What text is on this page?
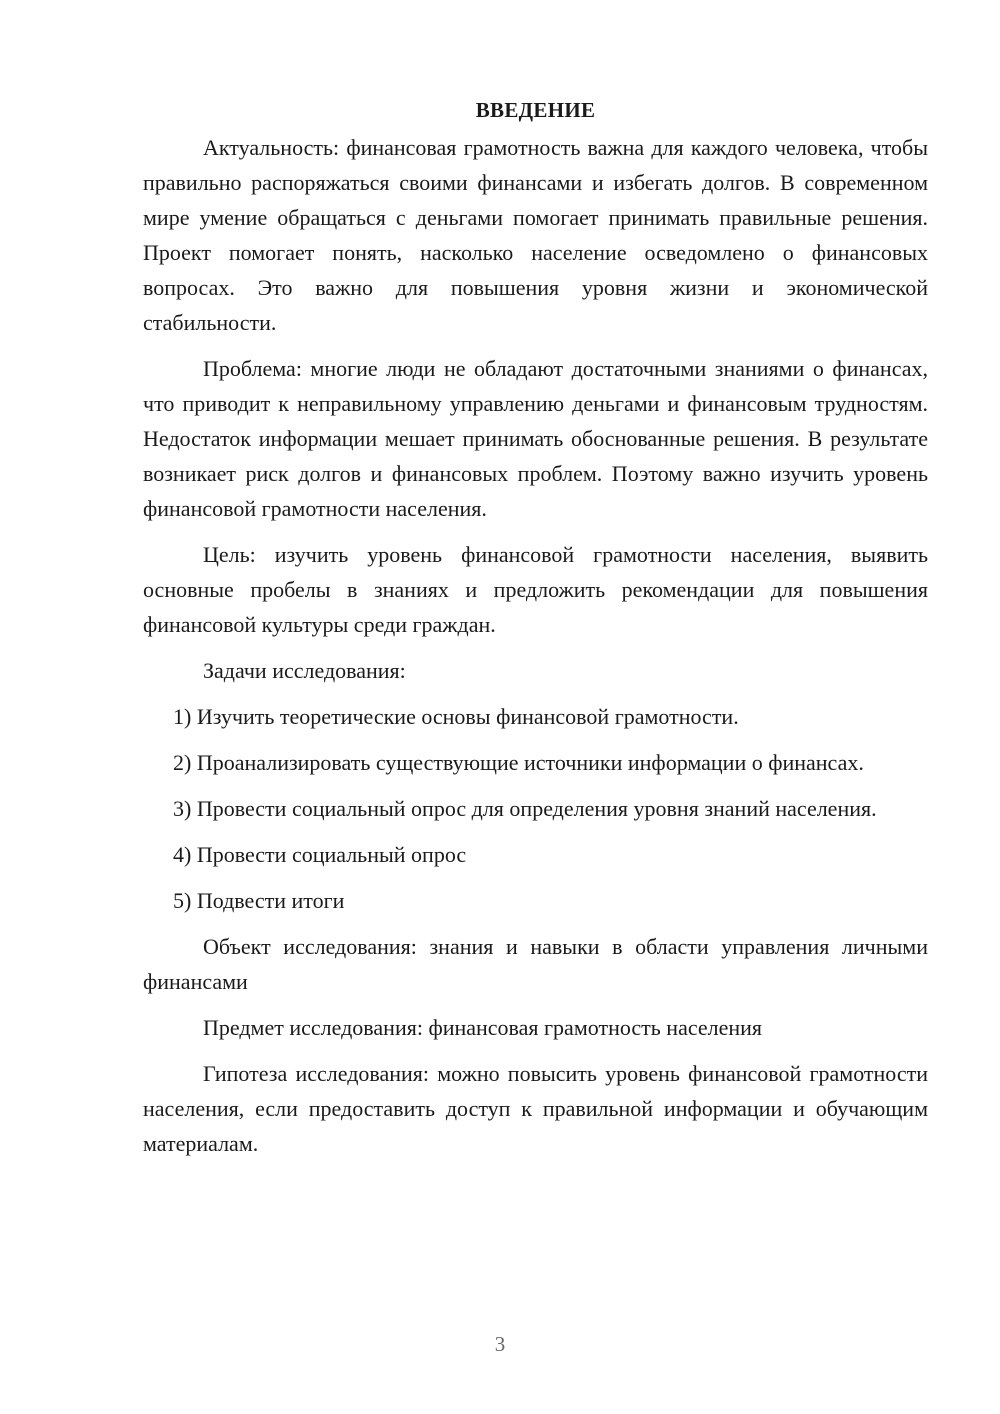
ВВЕДЕНИЕ

Актуальность: финансовая грамотность важна для каждого человека, чтобы правильно распоряжаться своими финансами и избегать долгов. В современном мире умение обращаться с деньгами помогает принимать правильные решения. Проект помогает понять, насколько население осведомлено о финансовых вопросах. Это важно для повышения уровня жизни и экономической стабильности.

Проблема: многие люди не обладают достаточными знаниями о финансах, что приводит к неправильному управлению деньгами и финансовым трудностям. Недостаток информации мешает принимать обоснованные решения. В результате возникает риск долгов и финансовых проблем. Поэтому важно изучить уровень финансовой грамотности населения.

Цель: изучить уровень финансовой грамотности населения, выявить основные пробелы в знаниях и предложить рекомендации для повышения финансовой культуры среди граждан.

Задачи исследования:

1) Изучить теоретические основы финансовой грамотности.

2) Проанализировать существующие источники информации о финансах.

3) Провести социальный опрос для определения уровня знаний населения.

4) Провести социальный опрос

5) Подвести итоги

Объект исследования: знания и навыки в области управления личными финансами

Предмет исследования: финансовая грамотность населения

Гипотеза исследования: можно повысить уровень финансовой грамотности населения, если предоставить доступ к правильной информации и обучающим материалам.

3
